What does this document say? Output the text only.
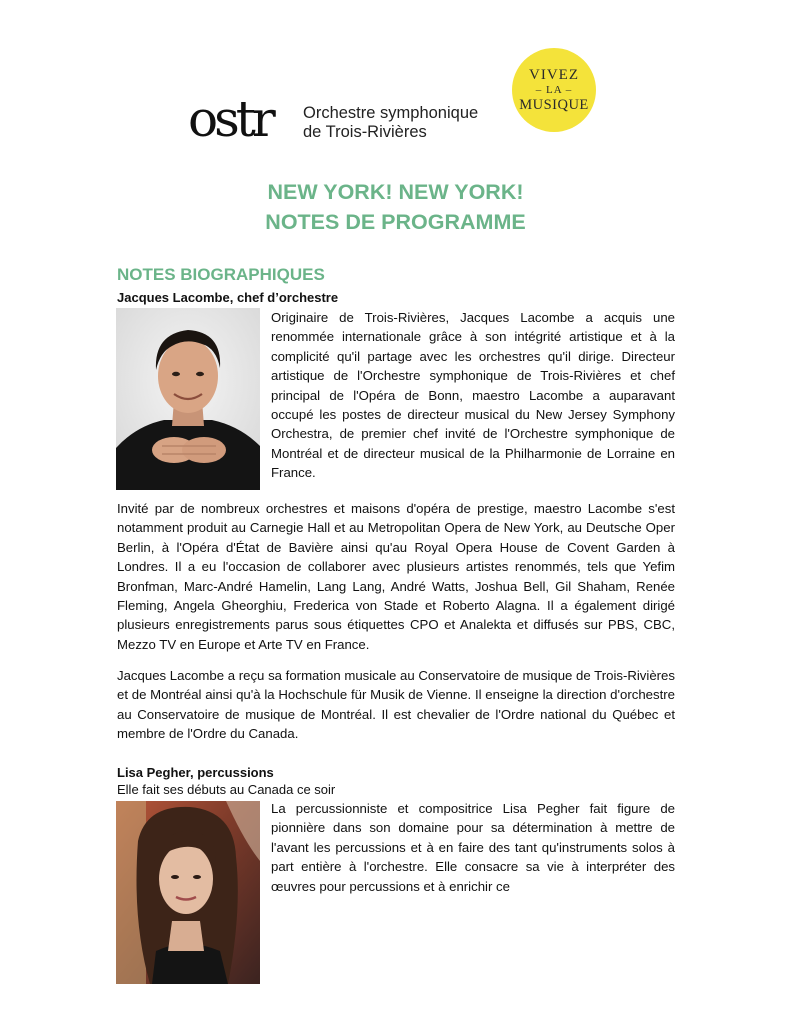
ostr Orchestre symphonique
de Trois-Rivières
VIVEZ
– LA –
MUSIQUE
NEW YORK! NEW YORK!
NOTES DE PROGRAMME
NOTES BIOGRAPHIQUES
Jacques Lacombe, chef d’orchestre
Originaire de Trois-Rivières, Jacques Lacombe a acquis une renommée internationale grâce à son intégrité artistique et à la complicité qu'il partage avec les orchestres qu'il dirige. Directeur artistique de l'Orchestre symphonique de Trois-Rivières et chef principal de l'Opéra de Bonn, maestro Lacombe a auparavant occupé les postes de directeur musical du New Jersey Symphony Orchestra, de premier chef invité de l'Orchestre symphonique de Montréal et de directeur musical de la Philharmonie de Lorraine en France.
Invité par de nombreux orchestres et maisons d'opéra de prestige, maestro Lacombe s'est notamment produit au Carnegie Hall et au Metropolitan Opera de New York, au Deutsche Oper Berlin, à l'Opéra d'État de Bavière ainsi qu'au Royal Opera House de Covent Garden à Londres. Il a eu l'occasion de collaborer avec plusieurs artistes renommés, tels que Yefim Bronfman, Marc-André Hamelin, Lang Lang, André Watts, Joshua Bell, Gil Shaham, Renée Fleming, Angela Gheorghiu, Frederica von Stade et Roberto Alagna. Il a également dirigé plusieurs enregistrements parus sous étiquettes CPO et Analekta et diffusés sur PBS, CBC, Mezzo TV en Europe et Arte TV en France.
Jacques Lacombe a reçu sa formation musicale au Conservatoire de musique de Trois-Rivières et de Montréal ainsi qu'à la Hochschule für Musik de Vienne. Il enseigne la direction d'orchestre au Conservatoire de musique de Montréal. Il est chevalier de l'Ordre national du Québec et membre de l'Ordre du Canada.
Lisa Pegher, percussions
Elle fait ses débuts au Canada ce soir
La percussionniste et compositrice Lisa Pegher fait figure de pionnière dans son domaine pour sa détermination à mettre de l'avant les percussions et à en faire des tant qu'instruments solos à part entière à l'orchestre. Elle consacre sa vie à interpréter des œuvres pour percussions et à enrichir ce
